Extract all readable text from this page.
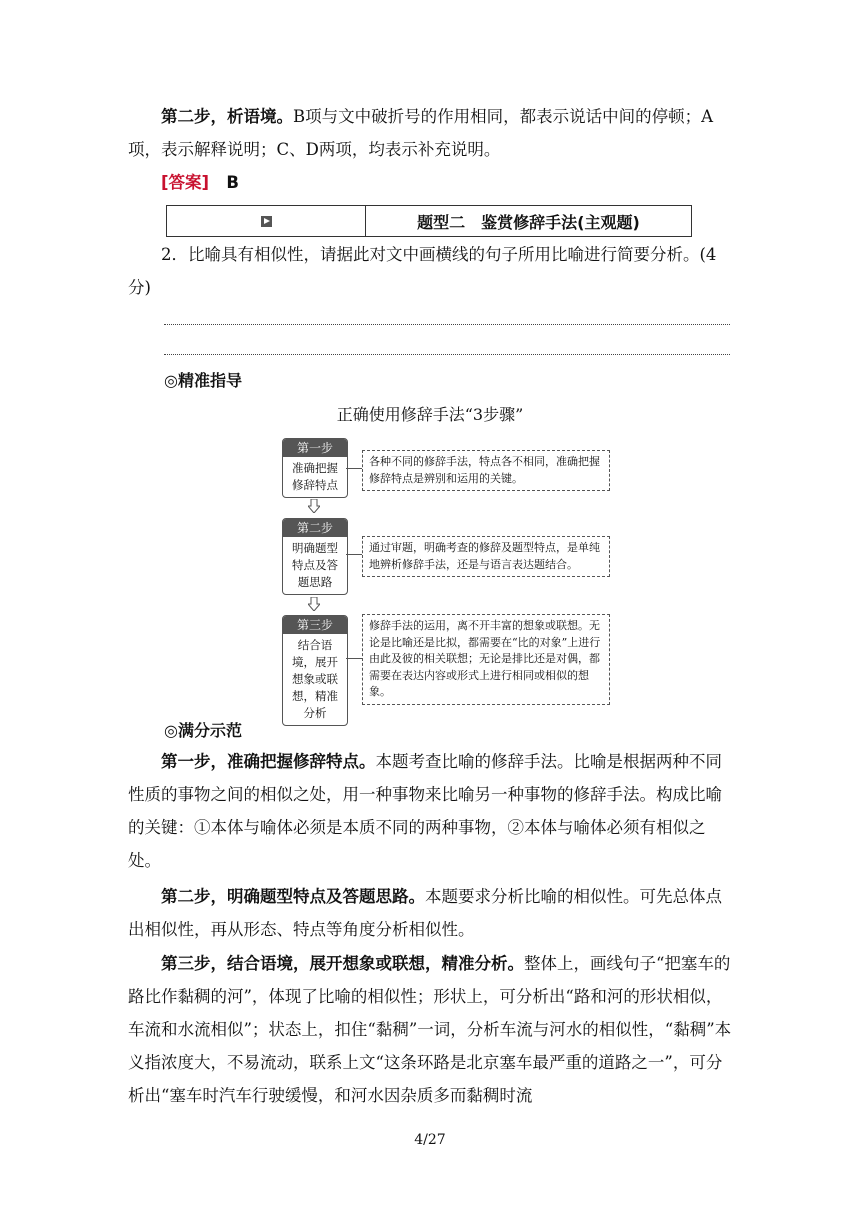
第二步，析语境。B项与文中破折号的作用相同，都表示说话中间的停顿；A项，表示解释说明；C、D两项，均表示补充说明。
[答案] B
题型二　鉴赏修辞手法(主观题)
2．比喻具有相似性，请据此对文中画横线的句子所用比喻进行简要分析。(4分)
◎精准指导
正确使用修辞手法“3步骤”
第一步
准确把握修辞特点
各种不同的修辞手法，特点各不相同，准确把握修辞特点是辨别和运用的关键。
第二步
明确题型特点及答题思路
通过审题，明确考查的修辞及题型特点，是单纯地辨析修辞手法，还是与语言表达题结合。
第三步
结合语境，展开想象或联想，精准分析
修辞手法的运用，离不开丰富的想象或联想。无论是比喻还是比拟，都需要在“比的对象”上进行由此及彼的相关联想；无论是排比还是对偶，都需要在表达内容或形式上进行相同或相似的想象。
◎满分示范
第一步，准确把握修辞特点。本题考查比喻的修辞手法。比喻是根据两种不同性质的事物之间的相似之处，用一种事物来比喻另一种事物的修辞手法。构成比喻的关键：①本体与喻体必须是本质不同的两种事物，②本体与喻体必须有相似之处。
第二步，明确题型特点及答题思路。本题要求分析比喻的相似性。可先总体点出相似性，再从形态、特点等角度分析相似性。
第三步，结合语境，展开想象或联想，精准分析。整体上，画线句子“把塞车的路比作黏稠的河”，体现了比喻的相似性；形状上，可分析出“路和河的形状相似，车流和水流相似”；状态上，扣住“黏稠”一词，分析车流与河水的相似性，“黏稠”本义指浓度大，不易流动，联系上文“这条环路是北京塞车最严重的道路之一”，可分析出“塞车时汽车行驶缓慢，和河水因杂质多而黏稠时流
4/27
